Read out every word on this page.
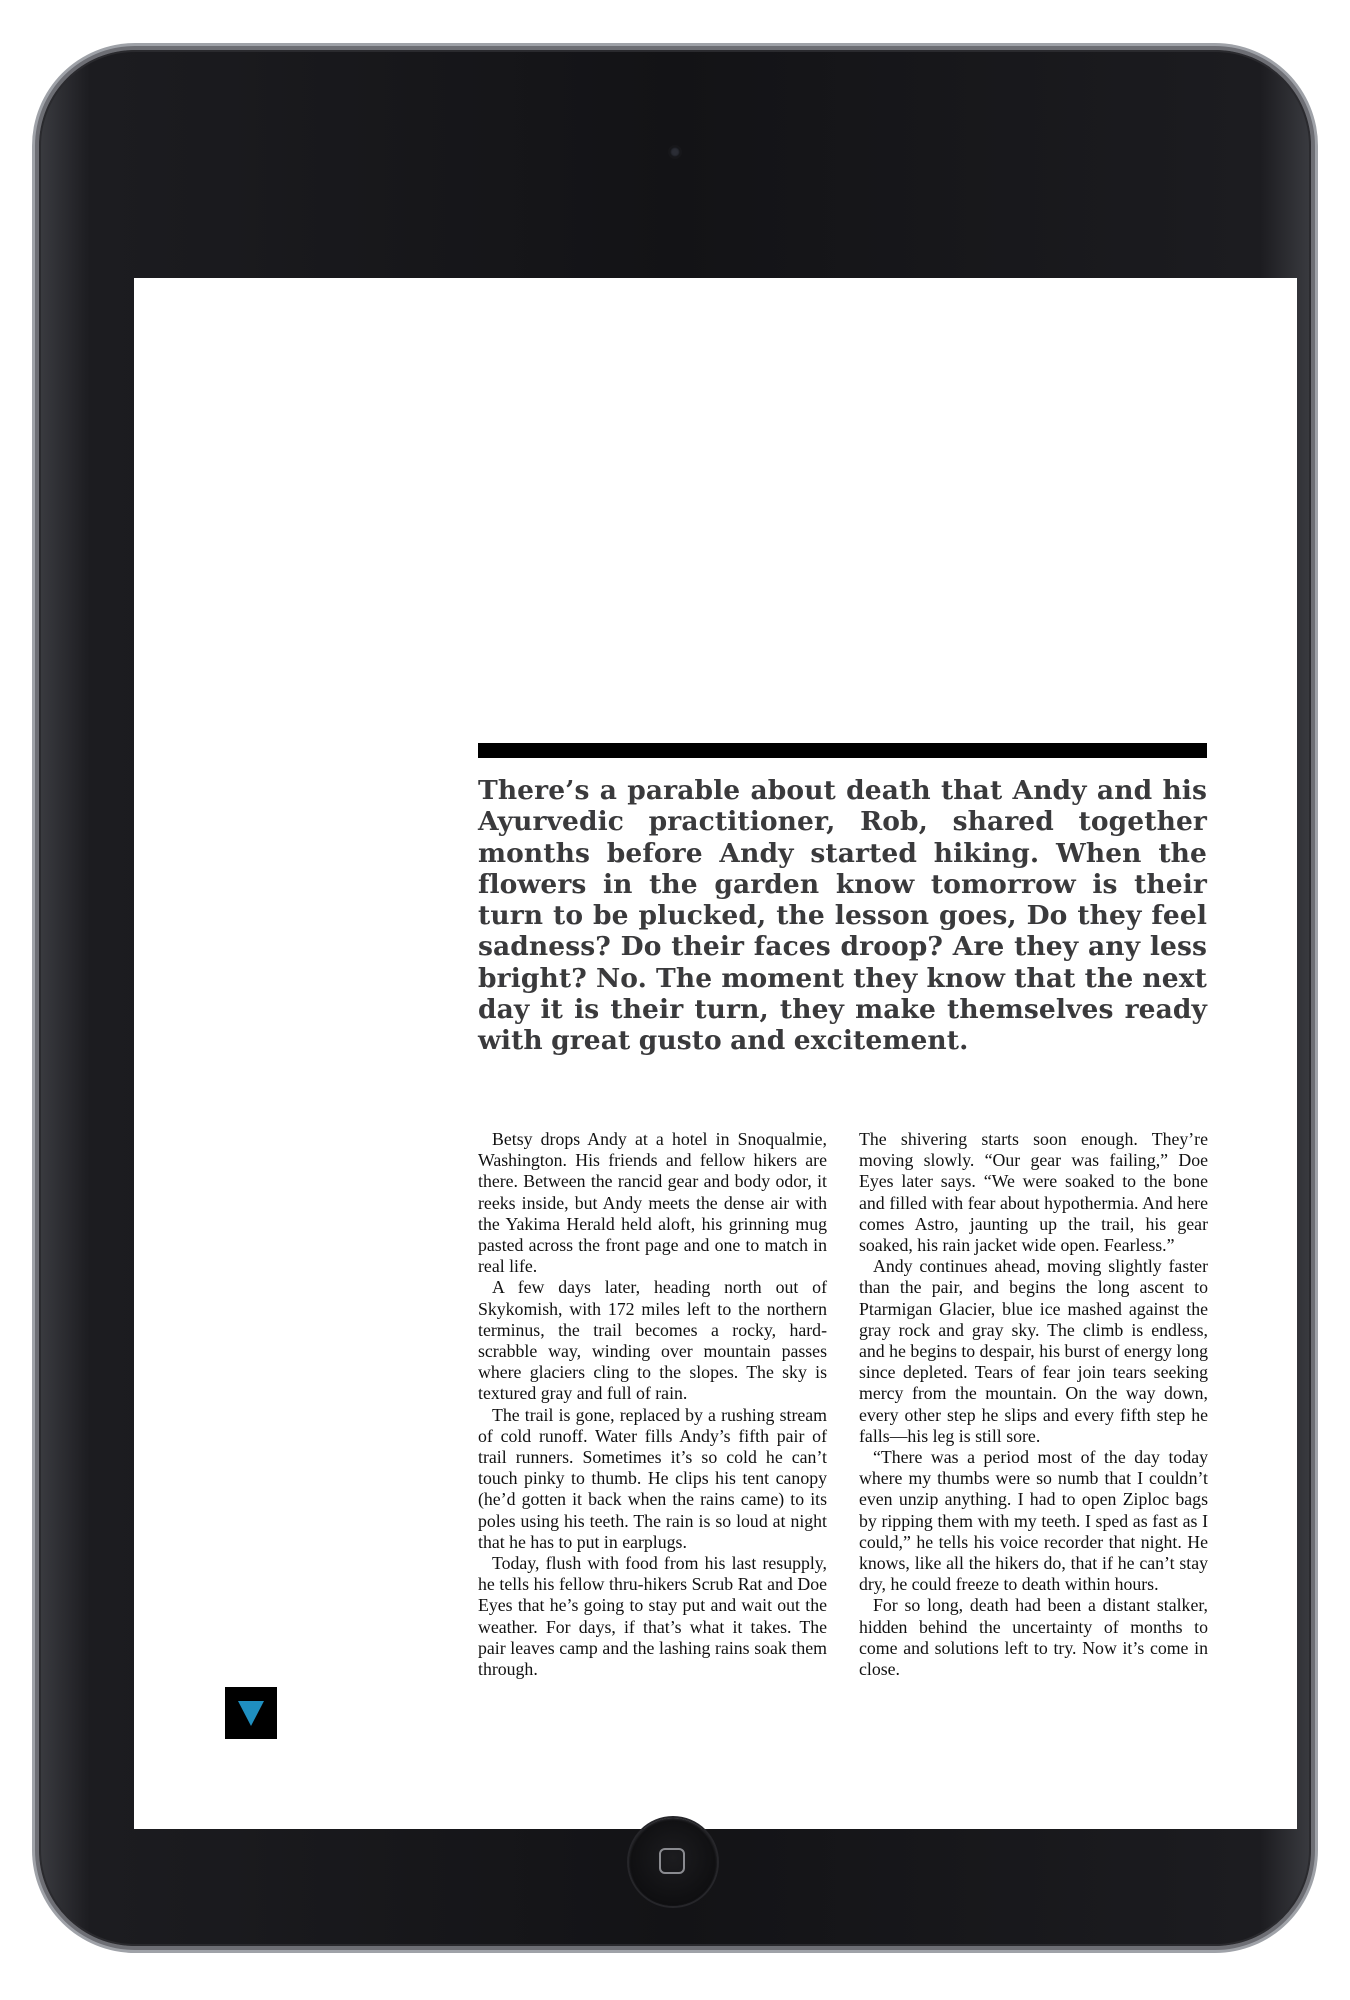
There’s a parable about death that Andy and his Ayurvedic practitioner, Rob, shared together months before Andy started hiking. When the flowers in the garden know tomorrow is their turn to be plucked, the lesson goes, Do they feel sadness? Do their faces droop? Are they any less bright? No. The moment they know that the next day it is their turn, they make themselves ready with great gusto and excitement.

Betsy drops Andy at a hotel in Snoqualmie, Washington. His friends and fellow hikers are there. Between the rancid gear and body odor, it reeks inside, but Andy meets the dense air with the Yakima Herald held aloft, his grinning mug pasted across the front page and one to match in real life.

A few days later, heading north out of Skykomish, with 172 miles left to the northern terminus, the trail becomes a rocky, hard-scrabble way, winding over mountain passes where glaciers cling to the slopes. The sky is textured gray and full of rain.

The trail is gone, replaced by a rushing stream of cold runoff. Water fills Andy’s fifth pair of trail runners. Sometimes it’s so cold he can’t touch pinky to thumb. He clips his tent canopy (he’d gotten it back when the rains came) to its poles using his teeth. The rain is so loud at night that he has to put in earplugs.

Today, flush with food from his last resupply, he tells his fellow thru-hikers Scrub Rat and Doe Eyes that he’s going to stay put and wait out the weather. For days, if that’s what it takes. The pair leaves camp and the lashing rains soak them through.

The shivering starts soon enough. They’re moving slowly. “Our gear was failing,” Doe Eyes later says. “We were soaked to the bone and filled with fear about hypothermia. And here comes Astro, jaunting up the trail, his gear soaked, his rain jacket wide open. Fearless.”

Andy continues ahead, moving slightly faster than the pair, and begins the long ascent to Ptarmigan Glacier, blue ice mashed against the gray rock and gray sky. The climb is endless, and he begins to despair, his burst of energy long since depleted. Tears of fear join tears seeking mercy from the mountain. On the way down, every other step he slips and every fifth step he falls—his leg is still sore.

“There was a period most of the day today where my thumbs were so numb that I couldn’t even unzip anything. I had to open Ziploc bags by ripping them with my teeth. I sped as fast as I could,” he tells his voice recorder that night. He knows, like all the hikers do, that if he can’t stay dry, he could freeze to death within hours.

For so long, death had been a distant stalker, hidden behind the uncertainty of months to come and solutions left to try. Now it’s come in close.
